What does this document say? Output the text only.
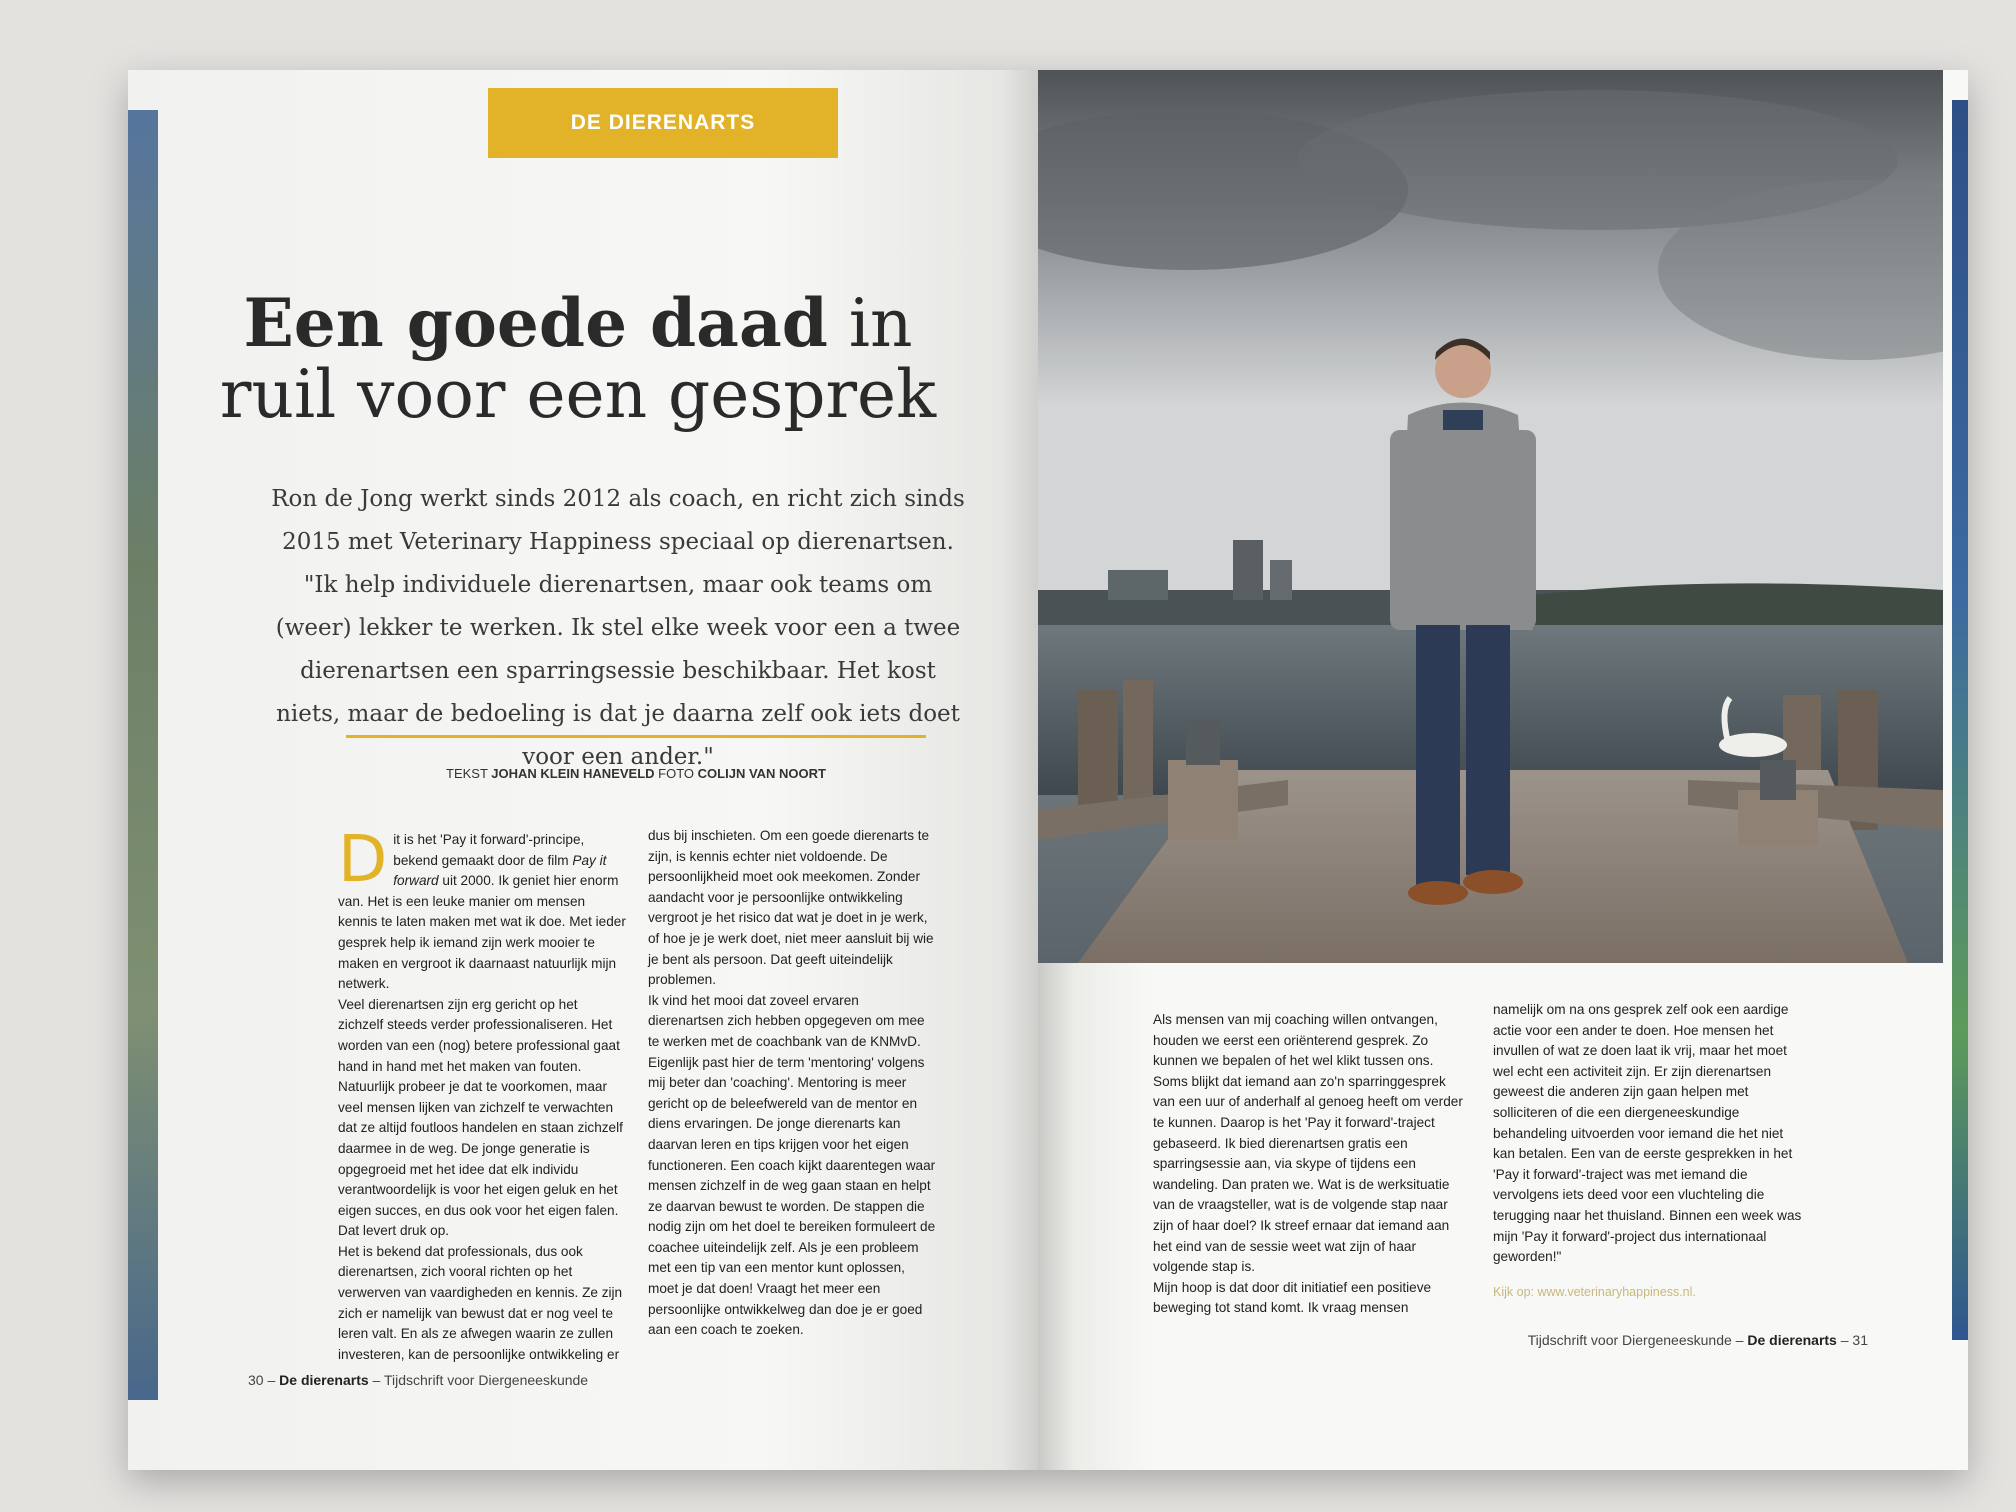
DE DIERENARTS
Een goede daad in
ruil voor een gesprek
Ron de Jong werkt sinds 2012 als coach, en richt zich sinds 2015 met Veterinary Happiness speciaal op dierenartsen. "Ik help individuele dierenartsen, maar ook teams om (weer) lekker te werken. Ik stel elke week voor een a twee dierenartsen een sparringsessie beschikbaar. Het kost niets, maar de bedoeling is dat je daarna zelf ook iets doet voor een ander."
TEKST JOHAN KLEIN HANEVELD FOTO COLIJN VAN NOORT
D it is het 'Pay it forward'-principe, bekend gemaakt door de film Pay it forward uit 2000. Ik geniet hier enorm van. Het is een leuke manier om mensen kennis te laten maken met wat ik doe. Met ieder gesprek help ik iemand zijn werk mooier te maken en vergroot ik daarnaast natuurlijk mijn netwerk.

Veel dierenartsen zijn erg gericht op het zichzelf steeds verder professionaliseren. Het worden van een (nog) betere professional gaat hand in hand met het maken van fouten. Natuurlijk probeer je dat te voorkomen, maar veel mensen lijken van zichzelf te verwachten dat ze altijd foutloos handelen en staan zichzelf daarmee in de weg. De jonge generatie is opgegroeid met het idee dat elk individu verantwoordelijk is voor het eigen geluk en het eigen succes, en dus ook voor het eigen falen. Dat levert druk op.

Het is bekend dat professionals, dus ook dierenartsen, zich vooral richten op het verwerven van vaardigheden en kennis. Ze zijn zich er namelijk van bewust dat er nog veel te leren valt. En als ze afwegen waarin ze zullen investeren, kan de persoonlijke ontwikkeling er

dus bij inschieten. Om een goede dierenarts te zijn, is kennis echter niet voldoende. De persoonlijkheid moet ook meekomen. Zonder aandacht voor je persoonlijke ontwikkeling vergroot je het risico dat wat je doet in je werk, of hoe je je werk doet, niet meer aansluit bij wie je bent als persoon. Dat geeft uiteindelijk problemen.

Ik vind het mooi dat zoveel ervaren dierenartsen zich hebben opgegeven om mee te werken met de coachbank van de KNMvD. Eigenlijk past hier de term 'mentoring' volgens mij beter dan 'coaching'. Mentoring is meer gericht op de beleefwereld van de mentor en diens ervaringen. De jonge dierenarts kan daarvan leren en tips krijgen voor het eigen functioneren. Een coach kijkt daarentegen waar mensen zichzelf in de weg gaan staan en helpt ze daarvan bewust te worden. De stappen die nodig zijn om het doel te bereiken formuleert de coachee uiteindelijk zelf. Als je een probleem met een tip van een mentor kunt oplossen, moet je dat doen! Vraagt het meer een persoonlijke ontwikkelweg dan doe je er goed aan een coach te zoeken.

30 – De dierenarts – Tijdschrift voor Diergeneeskunde

Als mensen van mij coaching willen ontvangen, houden we eerst een oriënterend gesprek. Zo kunnen we bepalen of het wel klikt tussen ons. Soms blijkt dat iemand aan zo'n sparringgesprek van een uur of anderhalf al genoeg heeft om verder te kunnen. Daarop is het 'Pay it forward'-traject gebaseerd. Ik bied dierenartsen gratis een sparringsessie aan, via skype of tijdens een wandeling. Dan praten we. Wat is de werksituatie van de vraagsteller, wat is de volgende stap naar zijn of haar doel? Ik streef ernaar dat iemand aan het eind van de sessie weet wat zijn of haar volgende stap is.

Mijn hoop is dat door dit initiatief een positieve beweging tot stand komt. Ik vraag mensen

namelijk om na ons gesprek zelf ook een aardige actie voor een ander te doen. Hoe mensen het invullen of wat ze doen laat ik vrij, maar het moet wel echt een activiteit zijn. Er zijn dierenartsen geweest die anderen zijn gaan helpen met solliciteren of die een diergeneeskundige behandeling uitvoerden voor iemand die het niet kan betalen. Een van de eerste gesprekken in het 'Pay it forward'-traject was met iemand die vervolgens iets deed voor een vluchteling die terugging naar het thuisland. Binnen een week was mijn 'Pay it forward'-project dus internationaal geworden!"

Kijk op: www.veterinaryhappiness.nl.

Tijdschrift voor Diergeneeskunde – De dierenarts – 31
